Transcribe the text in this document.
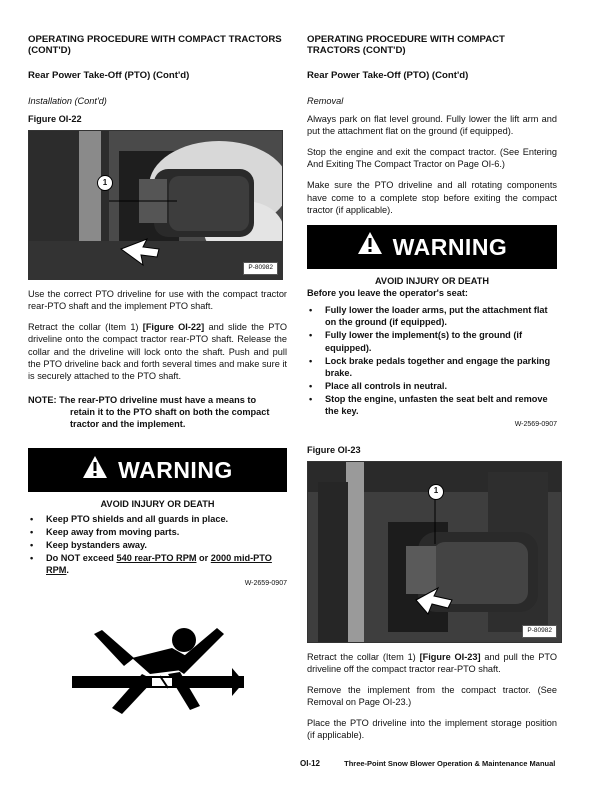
OPERATING PROCEDURE WITH COMPACT TRACTORS (CONT'D)
Rear Power Take-Off (PTO) (Cont'd)
Installation (Cont'd)
Figure OI-22
1
P-80982

Use the correct PTO driveline for use with the compact tractor rear-PTO shaft and the implement PTO shaft.

Retract the collar (Item 1) [Figure OI-22] and slide the PTO driveline onto the compact tractor rear-PTO shaft. Release the collar and the driveline will lock onto the shaft. Push and pull the PTO driveline back and forth several times and make sure it is securely attached to the PTO shaft.

NOTE: The rear-PTO driveline must have a means to
retain it to the PTO shaft on both the compact tractor and the implement.
WARNING
AVOID INJURY OR DEATH
• Keep PTO shields and all guards in place.
• Keep away from moving parts.
• Keep bystanders away.
• Do NOT exceed 540 rear-PTO RPM or 2000 mid-PTO RPM.
W-2659-0907
OPERATING PROCEDURE WITH COMPACT TRACTORS (CONT'D)
Rear Power Take-Off (PTO) (Cont'd)
Removal

Always park on flat level ground. Fully lower the lift arm and put the attachment flat on the ground (if equipped).

Stop the engine and exit the compact tractor. (See Entering And Exiting The Compact Tractor on Page OI-6.)

Make sure the PTO driveline and all rotating components have come to a complete stop before exiting the compact tractor (if applicable).

WARNING
AVOID INJURY OR DEATH
Before you leave the operator's seat:
• Fully lower the loader arms, put the attachment flat on the ground (if equipped).
• Fully lower the implement(s) to the ground (if equipped).
• Lock brake pedals together and engage the parking brake.
• Place all controls in neutral.
• Stop the engine, unfasten the seat belt and remove the key.
W-2569-0907
Figure OI-23
1
P-80982

Retract the collar (Item 1) [Figure OI-23] and pull the PTO driveline off the compact tractor rear-PTO shaft.

Remove the implement from the compact tractor. (See Removal on Page OI-23.)

Place the PTO driveline into the implement storage position (if applicable).

OI-12	Three-Point Snow Blower Operation & Maintenance Manual
